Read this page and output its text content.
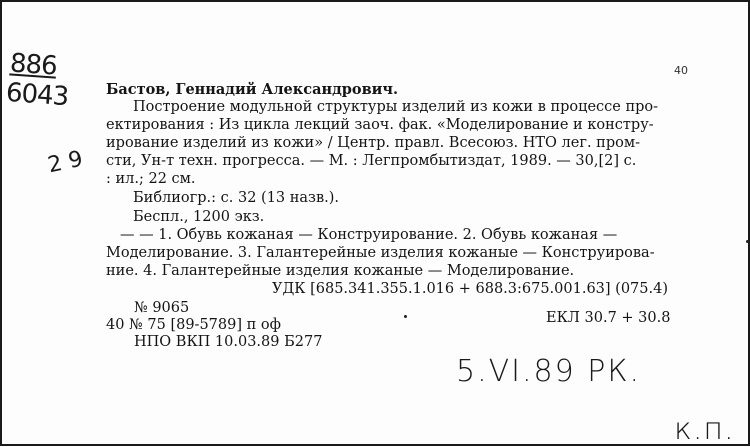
886
6043
2 9
40
Бастов, Геннадий Александрович.
Построение модульной структуры изделий из кожи в процессе про-
ектирования : Из цикла лекций заоч. фак. «Моделирование и констру-
ирование изделий из кожи» / Центр. правл. Всесоюз. НТО лег. пром-
сти, Ун-т техн. прогресса. — М. : Легпромбытиздат, 1989. — 30,[2] с.
: ил.; 22 см.
Библиогр.: с. 32 (13 назв.).
Беспл., 1200 экз.
— — 1. Обувь кожаная — Конструирование. 2. Обувь кожаная —
Моделирование. 3. Галантерейные изделия кожаные — Конструирова-
ние. 4. Галантерейные изделия кожаные — Моделирование.
УДК [685.341.355.1.016 + 688.3:675.001.63] (075.4)
№ 9065
40 № 75 [89-5789] п оф	ЕКЛ 30.7 + 30.8
НПО ВКП 10.03.89 Б277
5.VI.89 РК.
к.п.
